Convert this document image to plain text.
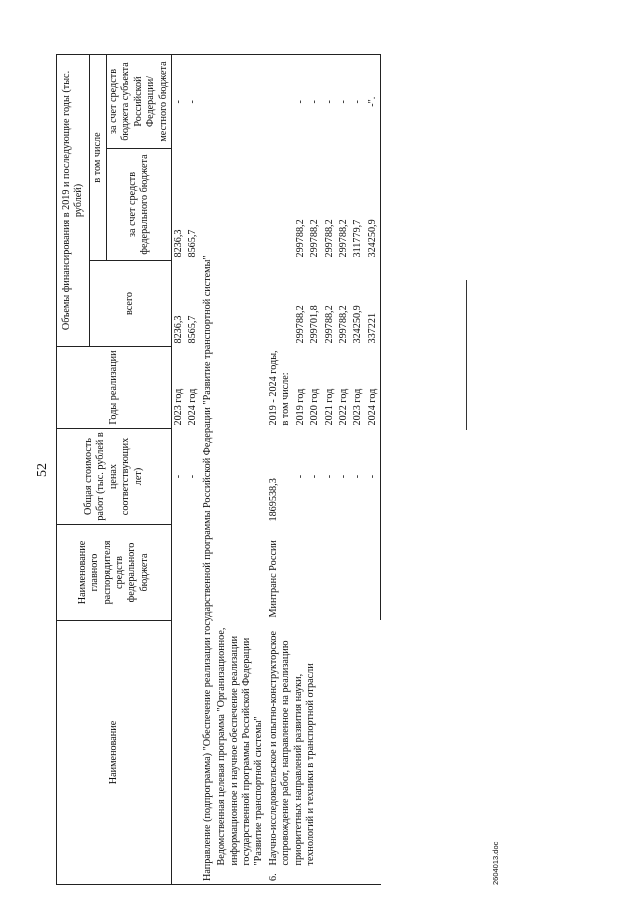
52
Наименование		Наименование главного распорядителя средств федерального бюджета	Общая стоимость работ (тыс. рублей в ценах соответствующих лет)	Годы реализации	Объемы финансирования в 2019 и последующие годы (тыс. рублей)		
					всего	в том числе	
						за счет средств федерального бюджета	за счет средств бюджета субъекта Российской Федерации/ местного бюджета
			-	2023 год	8236,3	8236,3	-
			-	2024 год	8565,7	8565,7	-
Направление (подпрограмма) "Обеспечение реализации государственной программы Российской Федерации "Развитие транспортной системы"							
	Ведомственная целевая программа "Организационное, информационное и научное обеспечение реализации государственной программы Российской Федерации "Развитие транспортной системы"						
6.	Научно-исследовательское и опытно-конструкторское сопровождение работ, направленное на реализацию приоритетных направлений развития науки, технологий и техники в транспортной отрасли	Минтранс России	1869538,3	2019 - 2024 годы, в том числе:			
			-	2019 год	299788,2	299788,2	-
			-	2020 год	299701,8	299788,2	-
			-	2021 год	299788,2	299788,2	-
			-	2022 год	299788,2	299788,2	-
			-	2023 год	324250,9	311779,7	-
			-	2024 год	337221	324250,9	-".
2604013.doc
